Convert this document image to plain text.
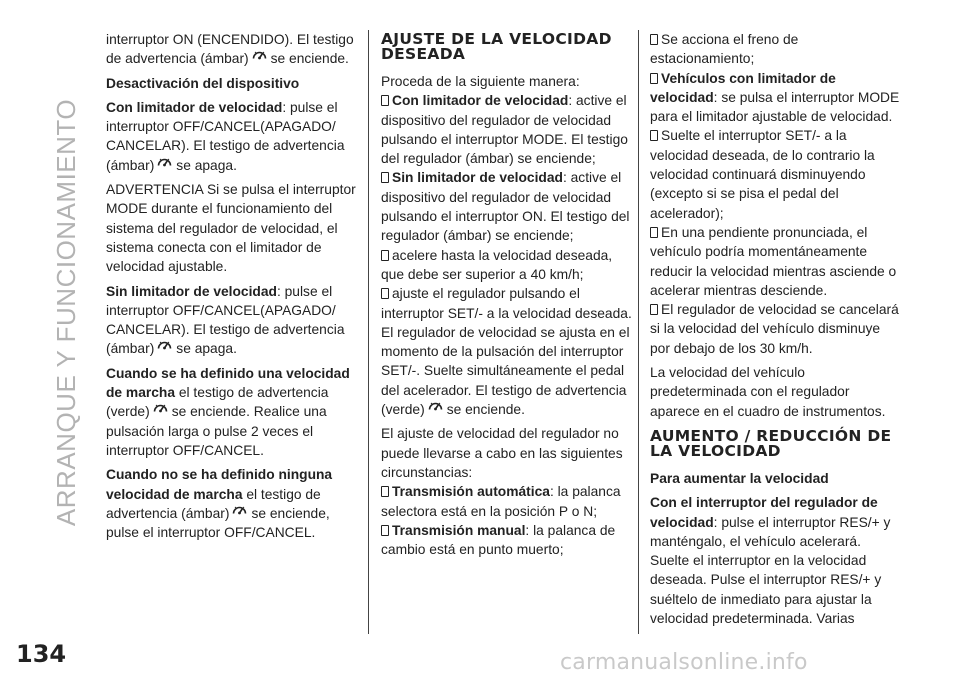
ARRANQUE Y FUNCIONAMIENTO

interruptor ON (ENCENDIDO). El testigo de advertencia (ámbar) se enciende.

Desactivación del dispositivo

Con limitador de velocidad: pulse el interruptor OFF/CANCEL(APAGADO/ CANCELAR). El testigo de advertencia (ámbar) se apaga.

ADVERTENCIA Si se pulsa el interruptor MODE durante el funcionamiento del sistema del regulador de velocidad, el sistema conecta con el limitador de velocidad ajustable.

Sin limitador de velocidad: pulse el interruptor OFF/CANCEL(APAGADO/ CANCELAR). El testigo de advertencia (ámbar) se apaga.

Cuando se ha definido una velocidad de marcha el testigo de advertencia (verde) se enciende. Realice una pulsación larga o pulse 2 veces el interruptor OFF/CANCEL.

Cuando no se ha definido ninguna velocidad de marcha el testigo de advertencia (ámbar) se enciende, pulse el interruptor OFF/CANCEL.

AJUSTE DE LA VELOCIDAD DESEADA

Proceda de la siguiente manera:

Con limitador de velocidad: active el dispositivo del regulador de velocidad pulsando el interruptor MODE. El testigo del regulador (ámbar) se enciende;

Sin limitador de velocidad: active el dispositivo del regulador de velocidad pulsando el interruptor ON. El testigo del regulador (ámbar) se enciende;

acelere hasta la velocidad deseada, que debe ser superior a 40 km/h;

ajuste el regulador pulsando el interruptor SET/- a la velocidad deseada. El regulador de velocidad se ajusta en el momento de la pulsación del interruptor SET/-. Suelte simultáneamente el pedal del acelerador. El testigo de advertencia (verde) se enciende.

El ajuste de velocidad del regulador no puede llevarse a cabo en las siguientes circunstancias:

Transmisión automática: la palanca selectora está en la posición P o N;

Transmisión manual: la palanca de cambio está en punto muerto;

Se acciona el freno de estacionamiento;

Vehículos con limitador de velocidad: se pulsa el interruptor MODE para el limitador ajustable de velocidad.

Suelte el interruptor SET/- a la velocidad deseada, de lo contrario la velocidad continuará disminuyendo (excepto si se pisa el pedal del acelerador);

En una pendiente pronunciada, el vehículo podría momentáneamente reducir la velocidad mientras asciende o acelerar mientras desciende.

El regulador de velocidad se cancelará si la velocidad del vehículo disminuye por debajo de los 30 km/h.

La velocidad del vehículo predeterminada con el regulador aparece en el cuadro de instrumentos.

AUMENTO / REDUCCIÓN DE LA VELOCIDAD

Para aumentar la velocidad

Con el interruptor del regulador de velocidad: pulse el interruptor RES/+ y manténgalo, el vehículo acelerará. Suelte el interruptor en la velocidad deseada. Pulse el interruptor RES/+ y suéltelo de inmediato para ajustar la velocidad predeterminada. Varias

134	carmanualsonline.info
